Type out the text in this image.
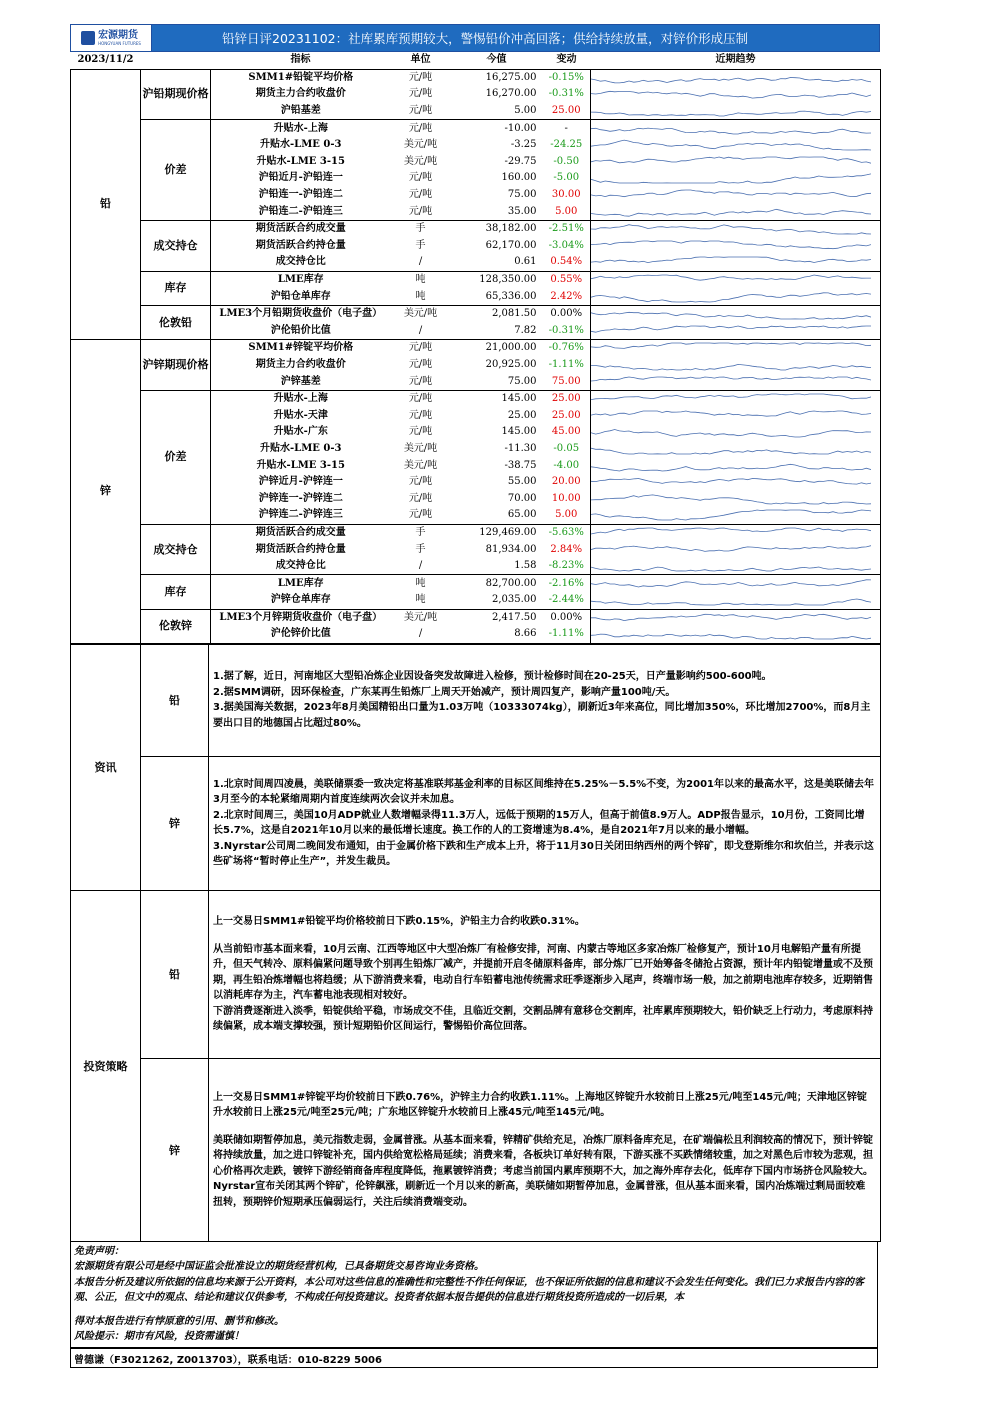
宏源期货
HONGYUAN FUTURES	铅锌日评20231102：社库累库预期较大，警惕铅价冲高回落；供给持续放量，对锌价形成压制
2023/11/2		指标	单位	今值	变动	近期趋势
铅	沪铅期现价格	SMM1#铅锭平均价格	元/吨	16,275.00	-0.15%	

		期货主力合约收盘价	元/吨	16,270.00	-0.31%	

		沪铅基差	元/吨	5.00	25.00	

	价差	升贴水-上海	元/吨	-10.00	-	

		升贴水-LME 0-3	美元/吨	-3.25	-24.25	

		升贴水-LME 3-15	美元/吨	-29.75	-0.50	

		沪铅近月-沪铅连一	元/吨	160.00	-5.00	

		沪铅连一-沪铅连二	元/吨	75.00	30.00	

		沪铅连二-沪铅连三	元/吨	35.00	5.00	

	成交持仓	期货活跃合约成交量	手	38,182.00	-2.51%	

		期货活跃合约持仓量	手	62,170.00	-3.04%	

		成交持仓比	/	0.61	0.54%	

	库存	LME库存	吨	128,350.00	0.55%	

		沪铅仓单库存	吨	65,336.00	2.42%	

	伦敦铅	LME3个月铅期货收盘价（电子盘）	美元/吨	2,081.50	0.00%	

		沪伦铅价比值	/	7.82	-0.31%	

锌	沪锌期现价格	SMM1#锌锭平均价格	元/吨	21,000.00	-0.76%	

		期货主力合约收盘价	元/吨	20,925.00	-1.11%	

		沪锌基差	元/吨	75.00	75.00	

	价差	升贴水-上海	元/吨	145.00	25.00	

		升贴水-天津	元/吨	25.00	25.00	

		升贴水-广东	元/吨	145.00	45.00	

		升贴水-LME 0-3	美元/吨	-11.30	-0.05	

		升贴水-LME 3-15	美元/吨	-38.75	-4.00	

		沪锌近月-沪锌连一	元/吨	55.00	20.00	

		沪锌连一-沪锌连二	元/吨	70.00	10.00	

		沪锌连二-沪锌连三	元/吨	65.00	5.00	

	成交持仓	期货活跃合约成交量	手	129,469.00	-5.63%	

		期货活跃合约持仓量	手	81,934.00	2.84%	

		成交持仓比	/	1.58	-8.23%	

	库存	LME库存	吨	82,700.00	-2.16%	

		沪锌仓单库存	吨	2,035.00	-2.44%	

	伦敦锌	LME3个月锌期货收盘价（电子盘）	美元/吨	2,417.50	0.00%	

		沪伦锌价比值	/	8.66	-1.11%	
资讯	铅	1.据了解，近日，河南地区大型铅冶炼企业因设备突发故障进入检修，预计检修时间在20-25天，日产量影响约500-600吨。

2.据SMM调研，因环保检查，广东某再生铅炼厂上周天开始减产，预计周四复产，影响产量100吨/天。

3.据美国海关数据，2023年8月美国精铅出口量为1.03万吨（10333074kg），刷新近3年来高位，同比增加350%，环比增加2700%，而8月主要出口目的地德国占比超过80%。

	锌	1.北京时间周四凌晨，美联储票委一致决定将基准联邦基金利率的目标区间维持在5.25%－5.5%不变，为2001年以来的最高水平，这是美联储去年3月至今的本轮紧缩周期内首度连续两次会议并未加息。

2.北京时间周三，美国10月ADP就业人数增幅录得11.3万人，远低于预期的15万人，但高于前值8.9万人。ADP报告显示，10月份，工资同比增长5.7%，这是自2021年10月以来的最低增长速度。换工作的人的工资增速为8.4%，是自2021年7月以来的最小增幅。

3.Nyrstar公司周二晚间发布通知，由于金属价格下跌和生产成本上升，将于11月30日关闭田纳西州的两个锌矿，即戈登斯维尔和坎伯兰，并表示这些矿场将“暂时停止生产”，并发生裁员。

投资策略	铅	上一交易日SMM1#铅锭平均价格较前日下跌0.15%，沪铅主力合约收跌0.31%。

从当前铅市基本面来看，10月云南、江西等地区中大型冶炼厂有检修安排，河南、内蒙古等地区多家冶炼厂检修复产，预计10月电解铅产量有所提升，但天气转冷、原料偏紧问题导致个别再生铅炼厂减产，并提前开启冬储原料备库，部分炼厂已开始筹备冬储抢占资源，预计年内铅锭增量或不及预期，再生铅冶炼增幅也将趋缓；从下游消费来看，电动自行车铅蓄电池传统需求旺季逐渐步入尾声，终端市场一般，加之前期电池库存较多，近期销售以消耗库存为主，汽车蓄电池表现相对较好。

下游消费逐渐进入淡季，铅锭供给平稳，市场成交不佳，且临近交割，交割品牌有意移仓交割库，社库累库预期较大，铅价缺乏上行动力，考虑原料持续偏紧，成本端支撑较强，预计短期铅价区间运行，警惕铅价高位回落。

	锌	上一交易日SMM1#锌锭平均价较前日下跌0.76%，沪锌主力合约收跌1.11%。上海地区锌锭升水较前日上涨25元/吨至145元/吨；天津地区锌锭升水较前日上涨25元/吨至25元/吨；广东地区锌锭升水较前日上涨45元/吨至145元/吨。

美联储如期暂停加息，美元指数走弱，金属普涨。从基本面来看，锌精矿供给充足，冶炼厂原料备库充足，在矿端偏松且利润较高的情况下，预计锌锭将持续放量，加之进口锌锭补充，国内供给宽松格局延续；消费来看，各板块订单好转有限，下游买涨不买跌情绪较重，加之对黑色后市较为悲观，担心价格再次走跌，镀锌下游经销商备库程度降低，拖累镀锌消费；考虑当前国内累库预期不大，加之海外库存去化，低库存下国内市场挤仓风险较大。

Nyrstar宣布关闭其两个锌矿，伦锌飙涨，刷新近一个月以来的新高，美联储如期暂停加息，金属普涨，但从基本面来看，国内冶炼端过剩局面较难扭转，预期锌价短期承压偏弱运行，关注后续消费端变动。

免责声明：

宏源期货有限公司是经中国证监会批准设立的期货经营机构，已具备期货交易咨询业务资格。

本报告分析及建议所依据的信息均来源于公开资料，本公司对这些信息的准确性和完整性不作任何保证，也不保证所依据的信息和建议不会发生任何变化。我们已力求报告内容的客观、公正，但文中的观点、结论和建议仅供参考，不构成任何投资建议。投资者依据本报告提供的信息进行期货投资所造成的一切后果，本

得对本报告进行有悖原意的引用、删节和修改。

风险提示：期市有风险，投资需谨慎！

曾德谦（F3021262, Z0013703），联系电话：010-8229 5006
